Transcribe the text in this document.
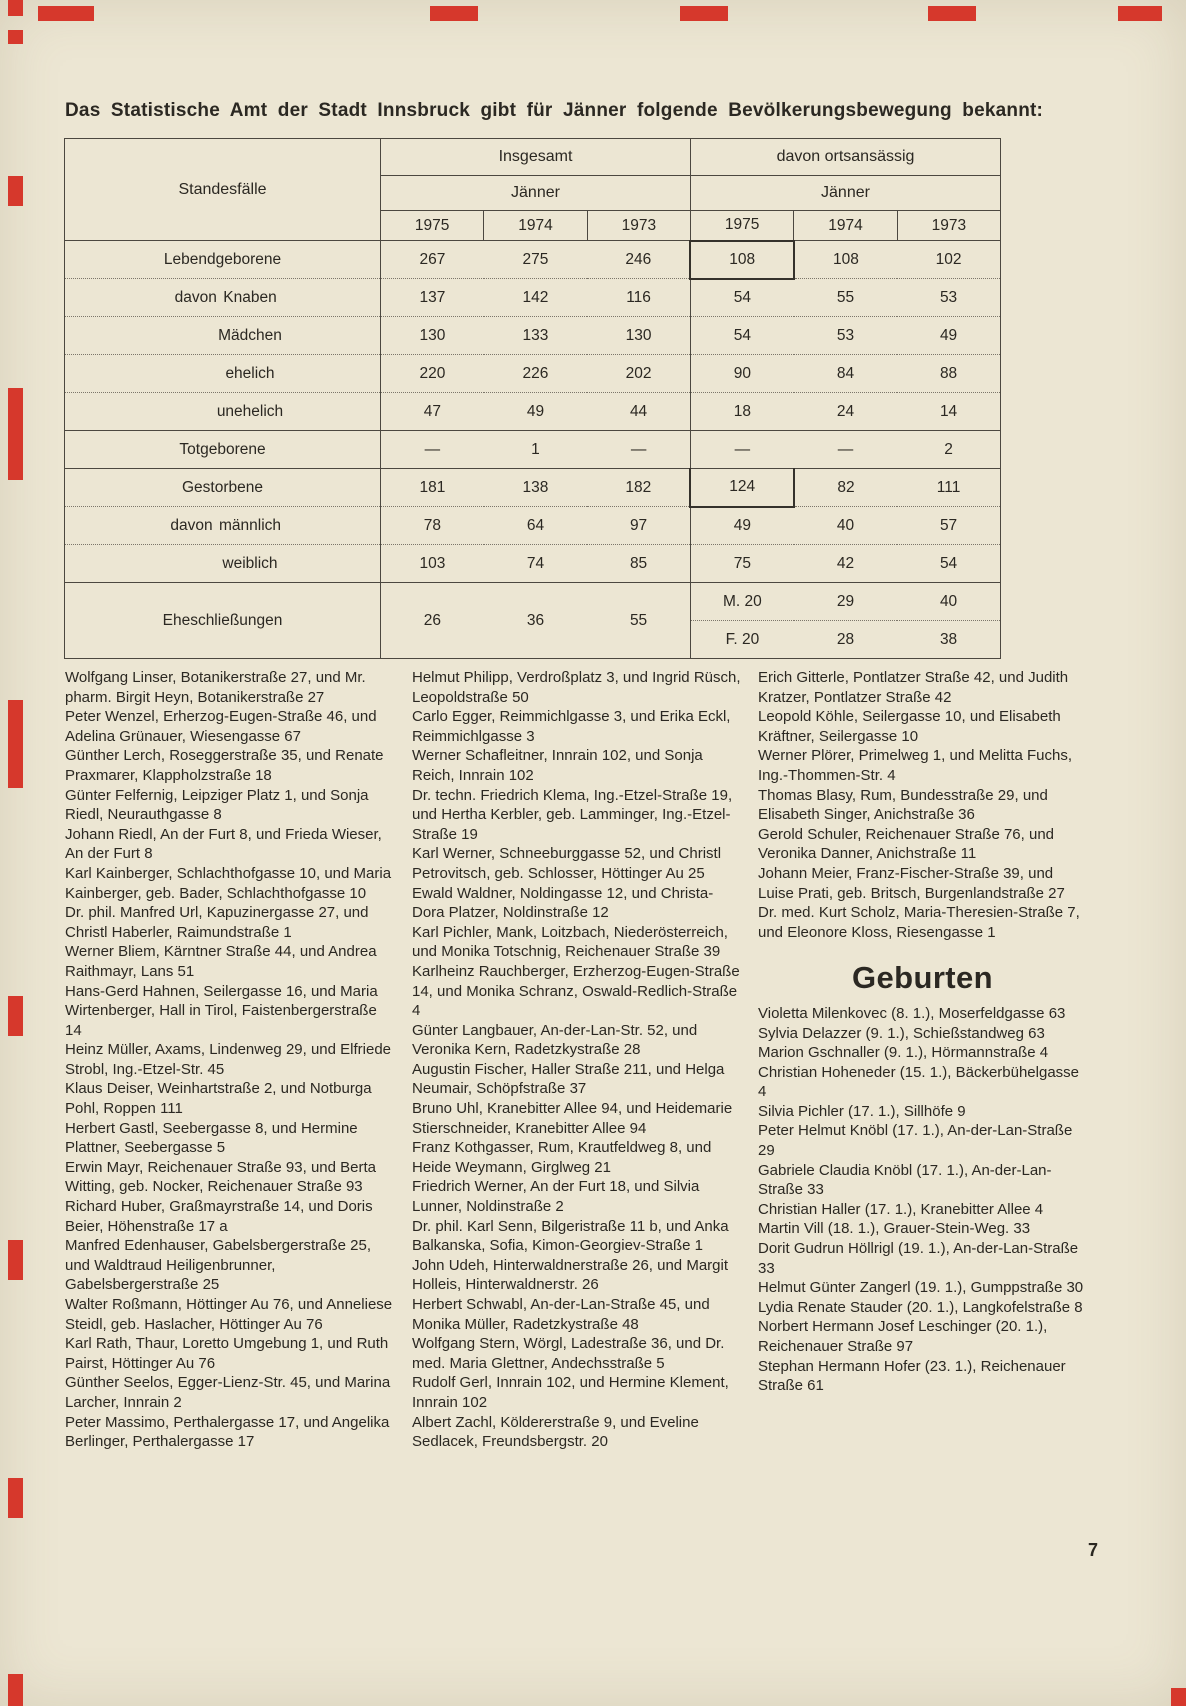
Das Statistische Amt der Stadt Innsbruck gibt für Jänner folgende Bevölkerungsbewegung bekannt:
Standesfälle	Insgesamt			davon ortsansässig		
	Jänner			Jänner		
	1975	1974	1973	1975	1974	1973
Lebendgeborene	267	275	246	108	108	102
davon Knaben	137	142	116	54	55	53
Mädchen	130	133	130	54	53	49
ehelich	220	226	202	90	84	88
unehelich	47	49	44	18	24	14
Totgeborene	—	1	—	—	—	2
Gestorbene	181	138	182	124	82	111
davon männlich	78	64	97	49	40	57
weiblich	103	74	85	75	42	54
Eheschließungen	26	36	55	M. 20	29	40
				F. 20	28	38

Wolfgang Linser, Botanikerstraße 27, und Mr. pharm. Birgit Heyn, Botanikerstraße 27

Peter Wenzel, Erherzog-Eugen-Straße 46, und Adelina Grünauer, Wiesengasse 67

Günther Lerch, Roseggerstraße 35, und Renate Praxmarer, Klappholzstraße 18

Günter Felfernig, Leipziger Platz 1, und Sonja Riedl, Neurauthgasse 8

Johann Riedl, An der Furt 8, und Frieda Wieser, An der Furt 8

Karl Kainberger, Schlachthofgasse 10, und Maria Kainberger, geb. Bader, Schlachthofgasse 10

Dr. phil. Manfred Url, Kapuzinergasse 27, und Christl Haberler, Raimundstraße 1

Werner Bliem, Kärntner Straße 44, und Andrea Raithmayr, Lans 51

Hans-Gerd Hahnen, Seilergasse 16, und Maria Wirtenberger, Hall in Tirol, Faistenbergerstraße 14

Heinz Müller, Axams, Lindenweg 29, und Elfriede Strobl, Ing.-Etzel-Str. 45

Klaus Deiser, Weinhartstraße 2, und Notburga Pohl, Roppen 111

Herbert Gastl, Seebergasse 8, und Hermine Plattner, Seebergasse 5

Erwin Mayr, Reichenauer Straße 93, und Berta Witting, geb. Nocker, Reichenauer Straße 93

Richard Huber, Graßmayrstraße 14, und Doris Beier, Höhenstraße 17 a

Manfred Edenhauser, Gabelsbergerstraße 25, und Waldtraud Heiligenbrunner, Gabelsbergerstraße 25

Walter Roßmann, Höttinger Au 76, und Anneliese Steidl, geb. Haslacher, Höttinger Au 76

Karl Rath, Thaur, Loretto Umgebung 1, und Ruth Pairst, Höttinger Au 76

Günther Seelos, Egger-Lienz-Str. 45, und Marina Larcher, Innrain 2

Peter Massimo, Perthalergasse 17, und Angelika Berlinger, Perthalergasse 17

Helmut Philipp, Verdroßplatz 3, und Ingrid Rüsch, Leopoldstraße 50

Carlo Egger, Reimmichlgasse 3, und Erika Eckl, Reimmichlgasse 3

Werner Schafleitner, Innrain 102, und Sonja Reich, Innrain 102

Dr. techn. Friedrich Klema, Ing.-Etzel-Straße 19, und Hertha Kerbler, geb. Lamminger, Ing.-Etzel-Straße 19

Karl Werner, Schneeburggasse 52, und Christl Petrovitsch, geb. Schlosser, Höttinger Au 25

Ewald Waldner, Noldingasse 12, und Christa-Dora Platzer, Noldinstraße 12

Karl Pichler, Mank, Loitzbach, Niederösterreich, und Monika Totschnig, Reichenauer Straße 39

Karlheinz Rauchberger, Erzherzog-Eugen-Straße 14, und Monika Schranz, Oswald-Redlich-Straße 4

Günter Langbauer, An-der-Lan-Str. 52, und Veronika Kern, Radetzkystraße 28

Augustin Fischer, Haller Straße 211, und Helga Neumair, Schöpfstraße 37

Bruno Uhl, Kranebitter Allee 94, und Heidemarie Stierschneider, Kranebitter Allee 94

Franz Kothgasser, Rum, Krautfeldweg 8, und Heide Weymann, Girglweg 21

Friedrich Werner, An der Furt 18, und Silvia Lunner, Noldinstraße 2

Dr. phil. Karl Senn, Bilgeristraße 11 b, und Anka Balkanska, Sofia, Kimon-Georgiev-Straße 1

John Udeh, Hinterwaldnerstraße 26, und Margit Holleis, Hinterwaldnerstr. 26

Herbert Schwabl, An-der-Lan-Straße 45, und Monika Müller, Radetzkystraße 48

Wolfgang Stern, Wörgl, Ladestraße 36, und Dr. med. Maria Glettner, Andechsstraße 5

Rudolf Gerl, Innrain 102, und Hermine Klement, Innrain 102

Albert Zachl, Köldererstraße 9, und Eveline Sedlacek, Freundsbergstr. 20

Erich Gitterle, Pontlatzer Straße 42, und Judith Kratzer, Pontlatzer Straße 42

Leopold Köhle, Seilergasse 10, und Elisabeth Kräftner, Seilergasse 10

Werner Plörer, Primelweg 1, und Melitta Fuchs, Ing.-Thommen-Str. 4

Thomas Blasy, Rum, Bundesstraße 29, und Elisabeth Singer, Anichstraße 36

Gerold Schuler, Reichenauer Straße 76, und Veronika Danner, Anichstraße 11

Johann Meier, Franz-Fischer-Straße 39, und Luise Prati, geb. Britsch, Burgenlandstraße 27

Dr. med. Kurt Scholz, Maria-Theresien-Straße 7, und Eleonore Kloss, Riesengasse 1

Geburten

Violetta Milenkovec (8. 1.), Moserfeldgasse 63

Sylvia Delazzer (9. 1.), Schießstandweg 63

Marion Gschnaller (9. 1.), Hörmannstraße 4

Christian Hoheneder (15. 1.), Bäckerbühelgasse 4

Silvia Pichler (17. 1.), Sillhöfe 9

Peter Helmut Knöbl (17. 1.), An-der-Lan-Straße 29

Gabriele Claudia Knöbl (17. 1.), An-der-Lan-Straße 33

Christian Haller (17. 1.), Kranebitter Allee 4

Martin Vill (18. 1.), Grauer-Stein-Weg. 33

Dorit Gudrun Höllrigl (19. 1.), An-der-Lan-Straße 33

Helmut Günter Zangerl (19. 1.), Gumppstraße 30

Lydia Renate Stauder (20. 1.), Langkofelstraße 8

Norbert Hermann Josef Leschinger (20. 1.), Reichenauer Straße 97

Stephan Hermann Hofer (23. 1.), Reichenauer Straße 61

7
